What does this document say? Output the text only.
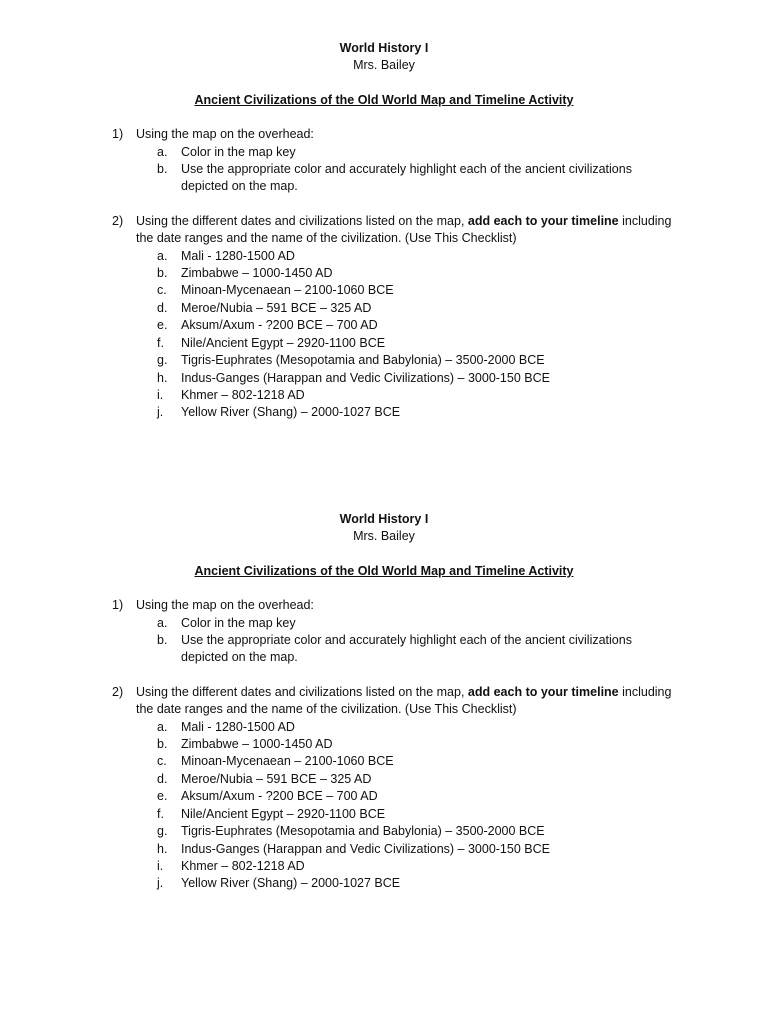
World History I

Mrs. Bailey

Ancient Civilizations of the Old World Map and Timeline Activity

1) Using the map on the overhead:
a. Color in the map key
b. Use the appropriate color and accurately highlight each of the ancient civilizations depicted on the map.
2) Using the different dates and civilizations listed on the map, add each to your timeline including the date ranges and the name of the civilization. (Use This Checklist)
a. Mali - 1280-1500 AD
b. Zimbabwe – 1000-1450 AD
c. Minoan-Mycenaean – 2100-1060 BCE
d. Meroe/Nubia – 591 BCE – 325 AD
e. Aksum/Axum - ?200 BCE – 700 AD
f. Nile/Ancient Egypt – 2920-1100 BCE
g. Tigris-Euphrates (Mesopotamia and Babylonia) – 3500-2000 BCE
h. Indus-Ganges (Harappan and Vedic Civilizations) – 3000-150 BCE
i. Khmer – 802-1218 AD
j. Yellow River (Shang) – 2000-1027 BCE

World History I

Mrs. Bailey

Ancient Civilizations of the Old World Map and Timeline Activity

1) Using the map on the overhead:
a. Color in the map key
b. Use the appropriate color and accurately highlight each of the ancient civilizations depicted on the map.
2) Using the different dates and civilizations listed on the map, add each to your timeline including the date ranges and the name of the civilization. (Use This Checklist)
a. Mali - 1280-1500 AD
b. Zimbabwe – 1000-1450 AD
c. Minoan-Mycenaean – 2100-1060 BCE
d. Meroe/Nubia – 591 BCE – 325 AD
e. Aksum/Axum - ?200 BCE – 700 AD
f. Nile/Ancient Egypt – 2920-1100 BCE
g. Tigris-Euphrates (Mesopotamia and Babylonia) – 3500-2000 BCE
h. Indus-Ganges (Harappan and Vedic Civilizations) – 3000-150 BCE
i. Khmer – 802-1218 AD
j. Yellow River (Shang) – 2000-1027 BCE
